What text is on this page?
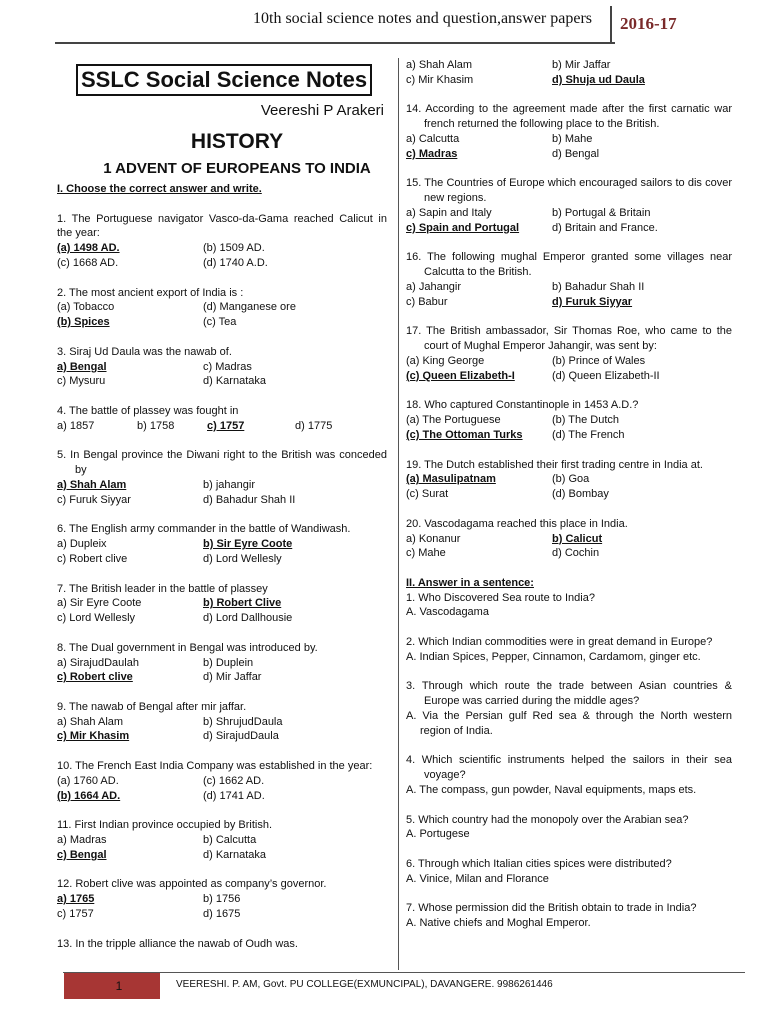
10th social science notes and question,answer papers 2016-17
SSLC Social Science Notes
Veereshi P Arakeri
HISTORY
1 ADVENT OF EUROPEANS TO INDIA
I. Choose the correct answer and write.
1. The Portuguese navigator Vasco-da-Gama reached Calicut in the year:
(a) 1498 AD.	(b) 1509 AD.
(c) 1668 AD.	(d) 1740 A.D.
2. The most ancient export of India is :
(a) Tobacco	(d) Manganese ore
(b) Spices	(c) Tea
3. Siraj Ud Daula was the nawab of.
a) Bengal	c) Madras
c) Mysuru	d) Karnataka
4. The battle of plassey was fought in
a) 1857	b) 1758	c) 1757	d) 1775
5. In Bengal province the Diwani right to the British was conceded by
a) Shah Alam	b) jahangir
c) Furuk Siyyar	d) Bahadur Shah II
6. The English army commander in the battle of Wandiwash.
a) Dupleix	b) Sir Eyre Coote
c) Robert clive	d) Lord Wellesly
7. The British leader in the battle of plassey
a) Sir Eyre Coote	b) Robert Clive
c) Lord Wellesly	d) Lord Dallhousie
8. The Dual government in Bengal was introduced by.
a) SirajudDaulah	b) Duplein
c) Robert clive	d) Mir Jaffar
9. The nawab of Bengal after mir jaffar.
a) Shah Alam	b) ShrujudDaula
c) Mir Khasim	d) SirajudDaula
10. The French East India Company was established in the year:
(a) 1760 AD.	(c) 1662 AD.
(b) 1664 AD.	(d) 1741 AD.
11. First Indian province occupied by British.
a) Madras	b) Calcutta
c) Bengal	d) Karnataka
12. Robert clive was appointed as company’s governor.
a) 1765	b) 1756
c) 1757	d) 1675
13. In the tripple alliance the nawab of Oudh was.
a) Shah Alam	b) Mir Jaffar
c) Mir Khasim	d) Shuja ud Daula
14. According to the agreement made after the first carnatic war french returned the following place to the British.
a) Calcutta	b) Mahe
c) Madras	d) Bengal
15. The Countries of Europe which encouraged sailors to dis cover new regions.
a) Sapin and Italy	b) Portugal & Britain
c) Spain and Portugal	d) Britain and France.
16. The following mughal Emperor granted some villages near Calcutta to the British.
a) Jahangir	b) Bahadur Shah II
c) Babur	d) Furuk Siyyar
17. The British ambassador, Sir Thomas Roe, who came to the court of Mughal Emperor Jahangir, was sent by:
(a) King George	(b) Prince of Wales
(c) Queen Elizabeth-I	(d) Queen Elizabeth-II
18. Who captured Constantinople in 1453 A.D.?
(a) The Portuguese	(b) The Dutch
(c) The Ottoman Turks	(d) The French
19. The Dutch established their first trading centre in India at.
(a) Masulipatnam	(b) Goa
(c) Surat	(d) Bombay
20. Vascodagama reached this place in India.
a) Konanur	b) Calicut
c) Mahe	d) Cochin
II. Answer in a sentence:
1. Who Discovered Sea route to India?
A. Vascodagama
2. Which Indian commodities were in great demand in Europe?
A. Indian Spices, Pepper, Cinnamon, Cardamom, ginger etc.
3. Through which route the trade between Asian countries & Europe was carried during the middle ages?
A. Via the Persian gulf Red sea & through the North western region of India.
4. Which scientific instruments helped the sailors in their sea voyage?
A. The compass, gun powder, Naval equipments, maps ets.
5. Which country had the monopoly over the Arabian sea?
A. Portugese
6. Through which Italian cities spices were distributed?
A. Vinice, Milan and Florance
7. Whose permission did the British obtain to trade in India?
A. Native chiefs and Moghal Emperor.
1	VEERESHI. P. AM, Govt. PU COLLEGE(EXMUNCIPAL), DAVANGERE. 9986261446
